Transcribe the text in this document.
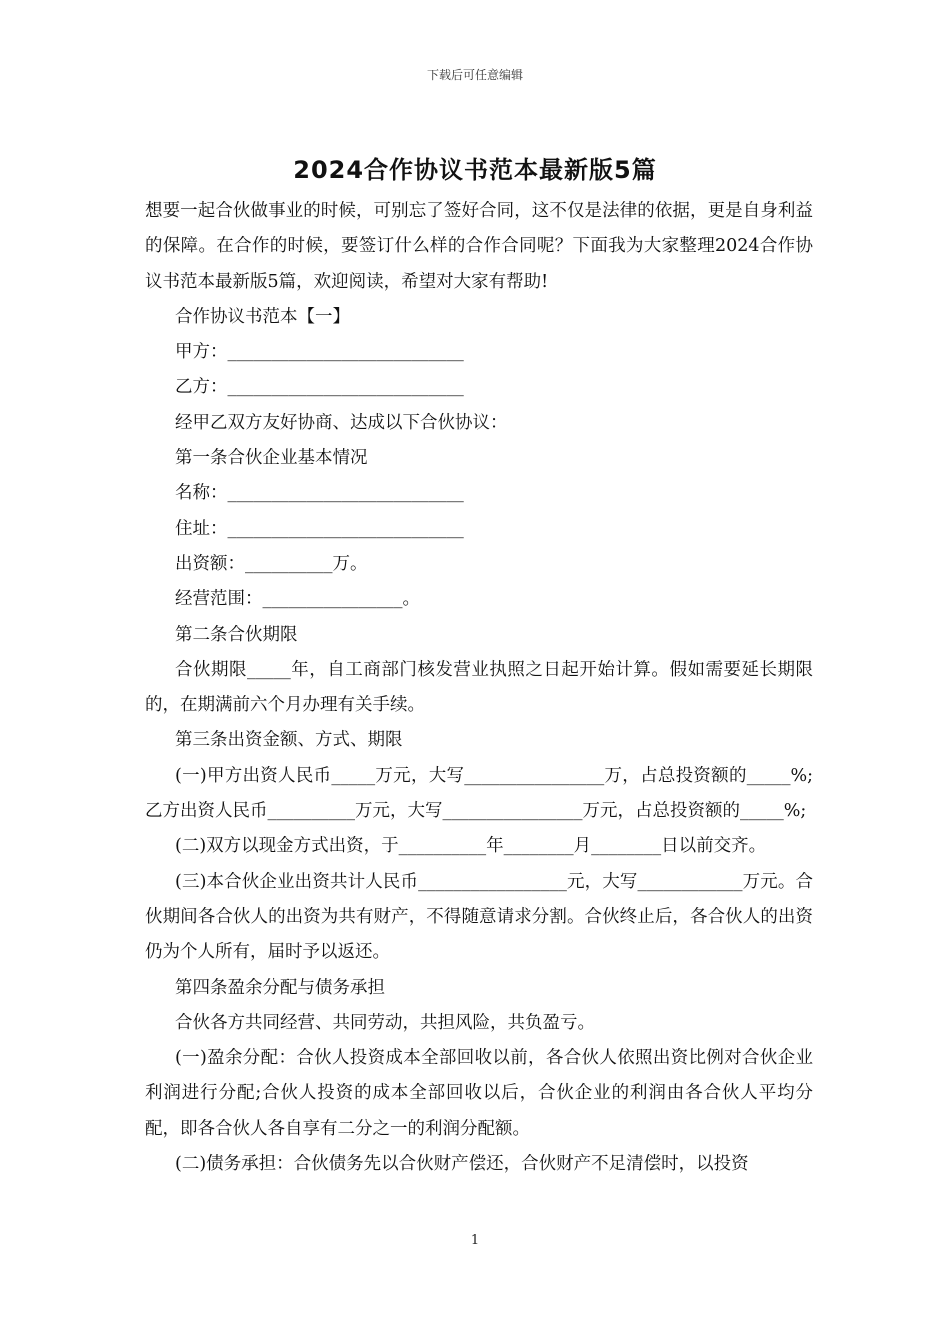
下载后可任意编辑
2024合作协议书范本最新版5篇

想要一起合伙做事业的时候，可别忘了签好合同，这不仅是法律的依据，更是自身利益的保障。在合作的时候，要签订什么样的合作合同呢？下面我为大家整理2024合作协议书范本最新版5篇，欢迎阅读，希望对大家有帮助!

合作协议书范本【一】

甲方：___________________________

乙方：___________________________

经甲乙双方友好协商、达成以下合伙协议：

第一条合伙企业基本情况

名称：___________________________

住址：___________________________

出资额：__________万。

经营范围：________________。

第二条合伙期限

合伙期限_____年，自工商部门核发营业执照之日起开始计算。假如需要延长期限的，在期满前六个月办理有关手续。

第三条出资金额、方式、期限

(一)甲方出资人民币_____万元，大写________________万，占总投资额的_____%;乙方出资人民币__________万元，大写________________万元，占总投资额的_____%;

(二)双方以现金方式出资，于__________年________月________日以前交齐。

(三)本合伙企业出资共计人民币_________________元，大写____________万元。合伙期间各合伙人的出资为共有财产，不得随意请求分割。合伙终止后，各合伙人的出资仍为个人所有，届时予以返还。

第四条盈余分配与债务承担

合伙各方共同经营、共同劳动，共担风险，共负盈亏。

(一)盈余分配：合伙人投资成本全部回收以前，各合伙人依照出资比例对合伙企业利润进行分配;合伙人投资的成本全部回收以后，合伙企业的利润由各合伙人平均分配，即各合伙人各自享有二分之一的利润分配额。

(二)债务承担：合伙债务先以合伙财产偿还，合伙财产不足清偿时，以投资

1
